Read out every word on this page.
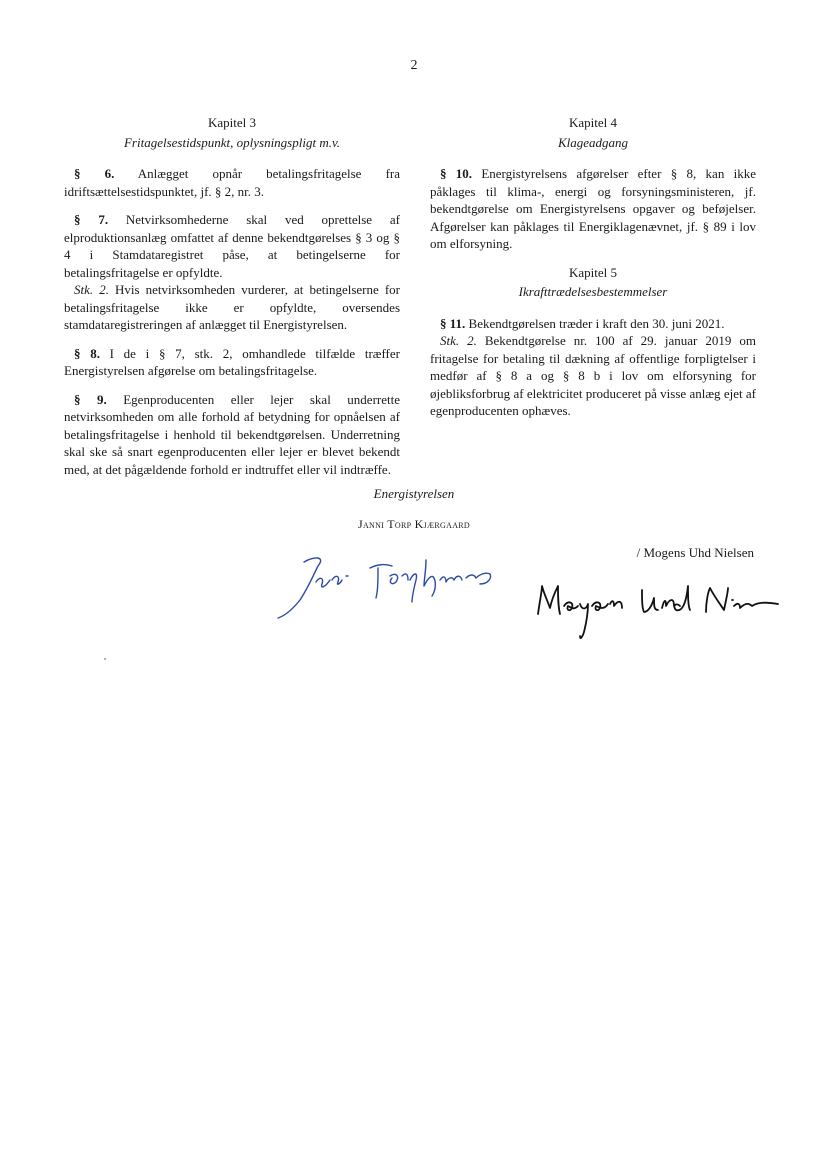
2

Kapitel 3

Fritagelsestidspunkt, oplysningspligt m.v.

§ 6. Anlægget opnår betalingsfritagelse fra idriftsættelsestidspunktet, jf. § 2, nr. 3.

§ 7. Netvirksomhederne skal ved oprettelse af elproduktionsanlæg omfattet af denne bekendtgørelses § 3 og § 4 i Stamdataregistret påse, at betingelserne for betalingsfritagelse er opfyldte.

Stk. 2. Hvis netvirksomheden vurderer, at betingelserne for betalingsfritagelse ikke er opfyldte, oversendes stamdataregistreringen af anlægget til Energistyrelsen.

§ 8. I de i § 7, stk. 2, omhandlede tilfælde træffer Energistyrelsen afgørelse om betalingsfritagelse.

§ 9. Egenproducenten eller lejer skal underrette netvirksomheden om alle forhold af betydning for opnåelsen af betalingsfritagelse i henhold til bekendtgørelsen. Underretning skal ske så snart egenproducenten eller lejer er blevet bekendt med, at det pågældende forhold er indtruffet eller vil indtræffe.

Kapitel 4

Klageadgang

§ 10. Energistyrelsens afgørelser efter § 8, kan ikke påklages til klima-, energi og forsyningsministeren, jf. bekendtgørelse om Energistyrelsens opgaver og beføjelser. Afgørelser kan påklages til Energiklagenævnet, jf. § 89 i lov om elforsyning.

Kapitel 5

Ikrafttrædelsesbestemmelser

§ 11. Bekendtgørelsen træder i kraft den 30. juni 2021.

Stk. 2. Bekendtgørelse nr. 100 af 29. januar 2019 om fritagelse for betaling til dækning af offentlige forpligtelser i medfør af § 8 a og § 8 b i lov om elforsyning for øjebliksforbrug af elektricitet produceret på visse anlæg ejet af egenproducenten ophæves.

Energistyrelsen
Janni Torp Kjærgaard
/ Mogens Uhd Nielsen
